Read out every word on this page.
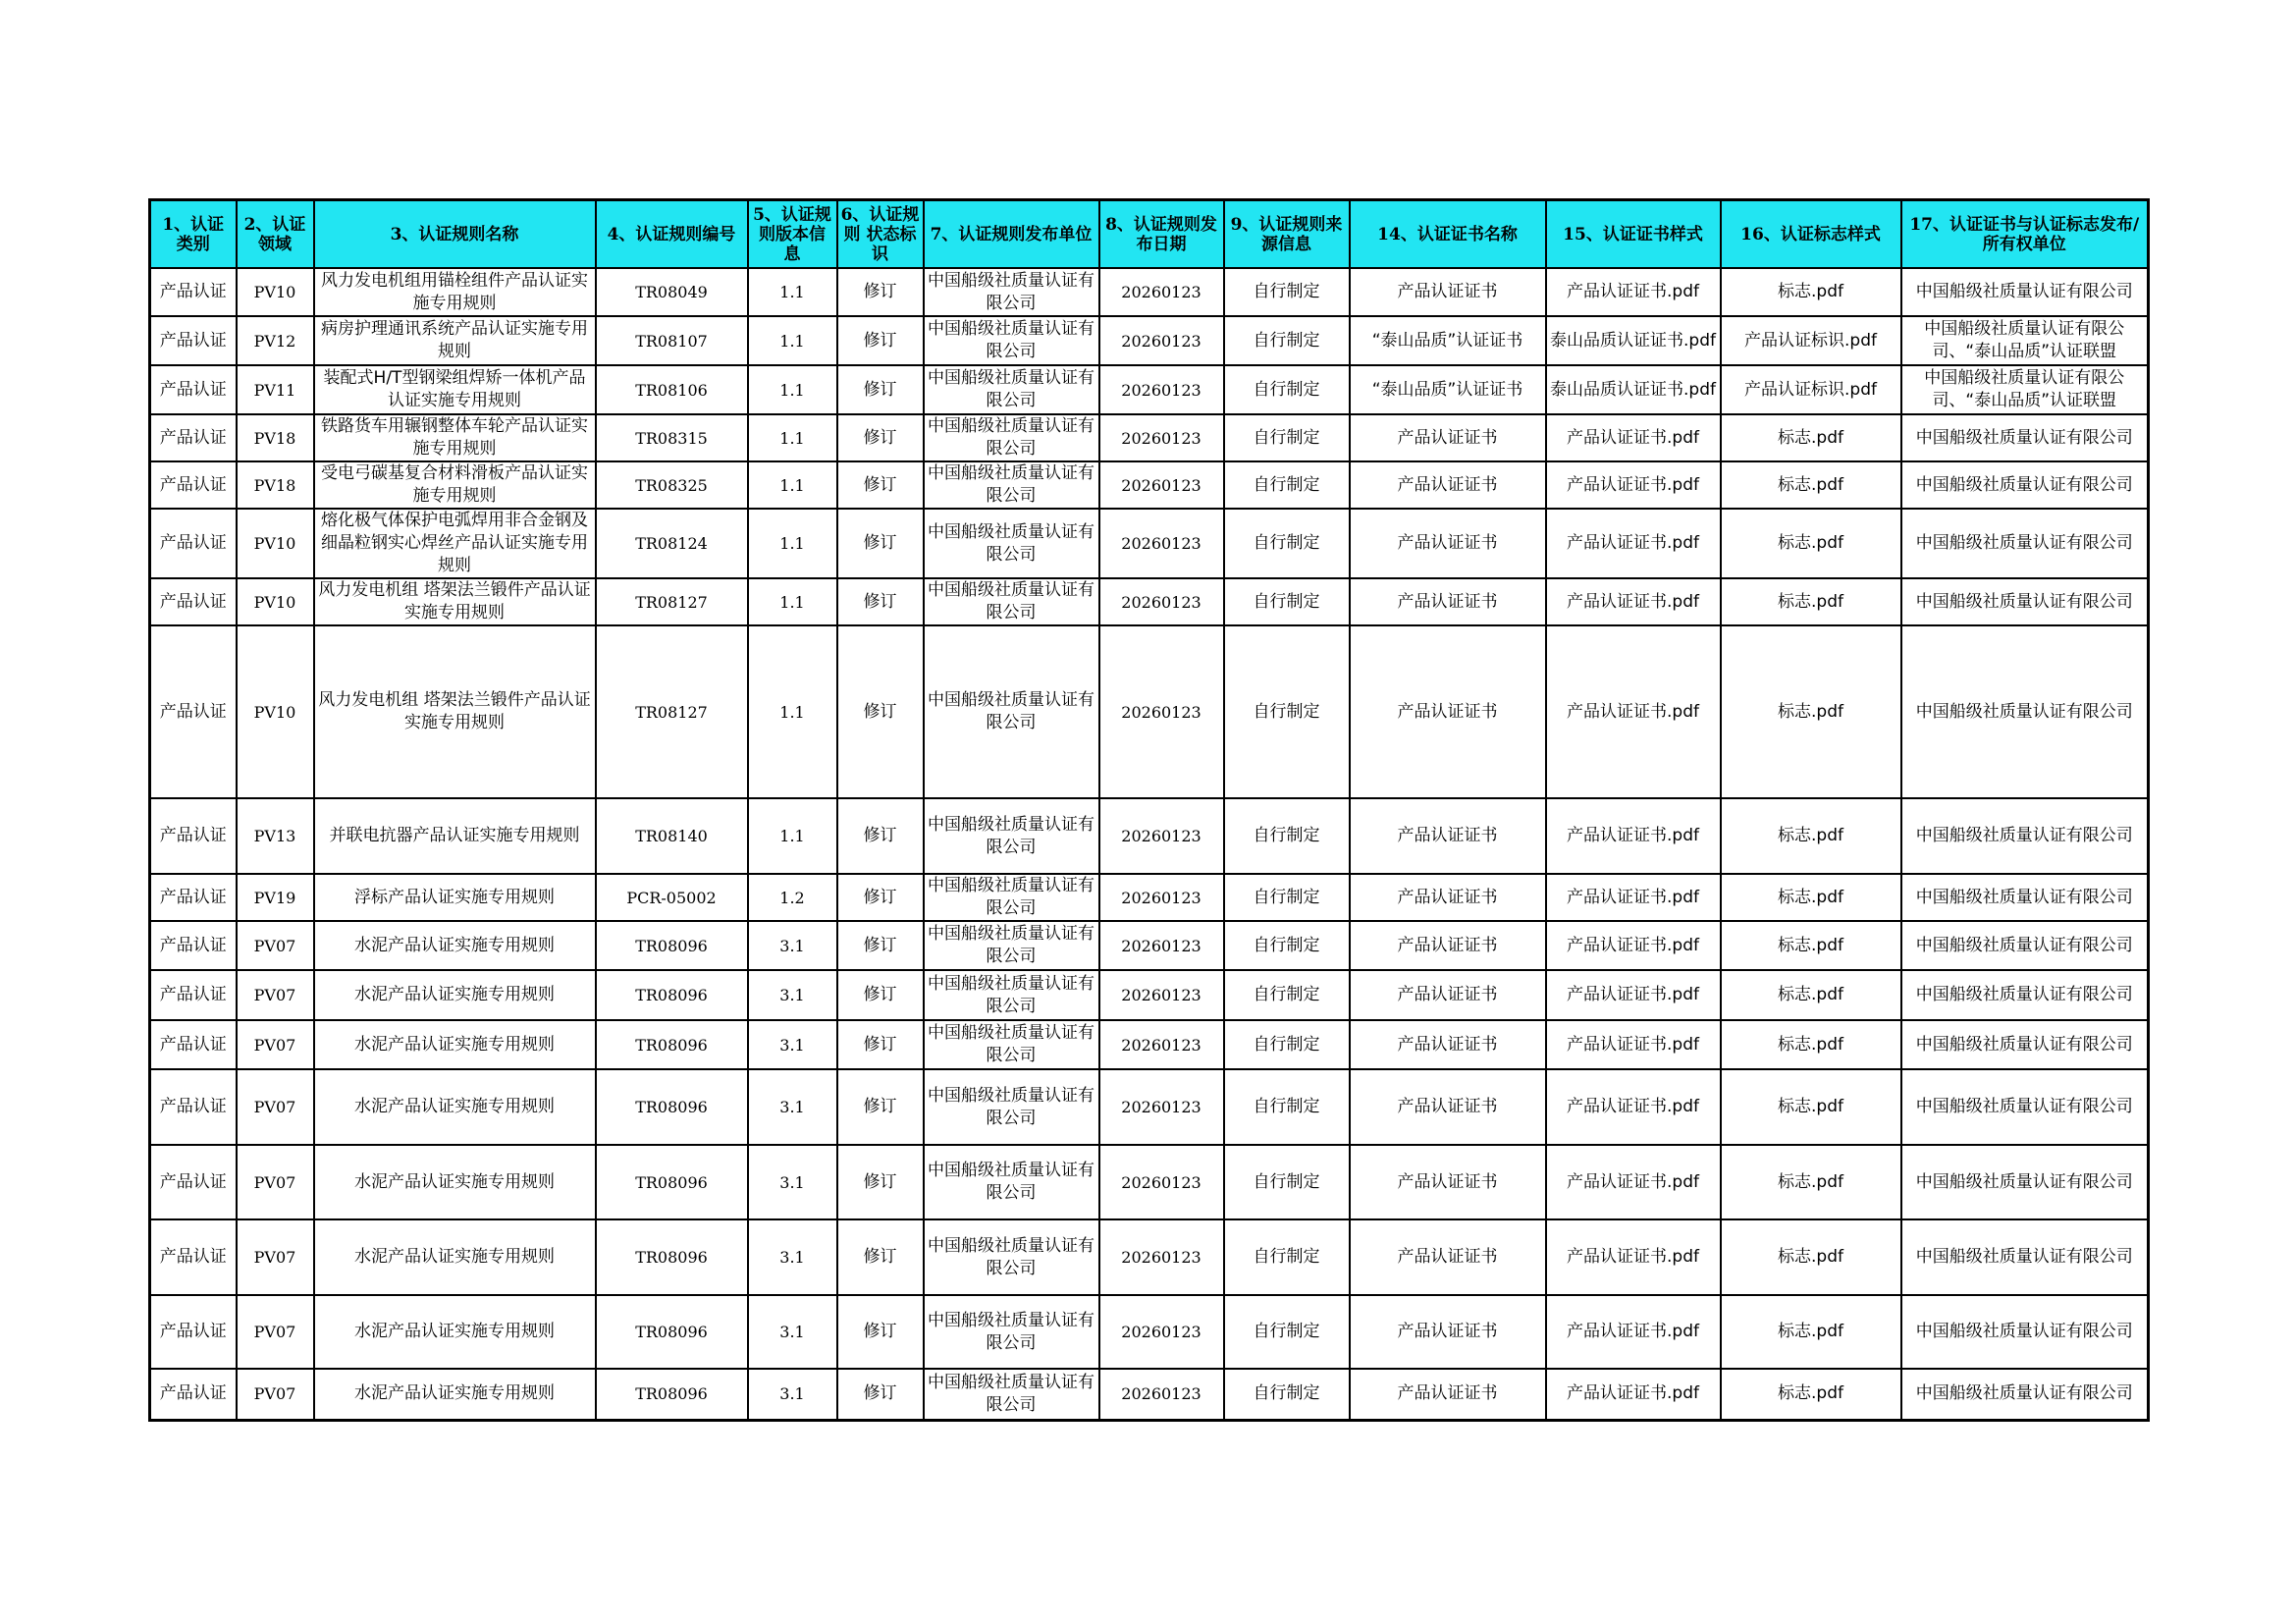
1、认证类别	2、认证领域	3、认证规则名称	4、认证规则编号	5、认证规则版本信息	6、认证规则 状态标识	7、认证规则发布单位	8、认证规则发布日期	9、认证规则来源信息	14、认证证书名称	15、认证证书样式	16、认证标志样式	17、认证证书与认证标志发布/所有权单位
产品认证	PV10	风力发电机组用锚栓组件产品认证实施专用规则	TR08049	1.1	修订	中国船级社质量认证有限公司	20260123	自行制定	产品认证证书	产品认证证书.pdf	标志.pdf	中国船级社质量认证有限公司
产品认证	PV12	病房护理通讯系统产品认证实施专用规则	TR08107	1.1	修订	中国船级社质量认证有限公司	20260123	自行制定	“泰山品质”认证证书	泰山品质认证证书.pdf	产品认证标识.pdf	中国船级社质量认证有限公司、“泰山品质”认证联盟
产品认证	PV11	装配式H/T型钢梁组焊矫一体机产品认证实施专用规则	TR08106	1.1	修订	中国船级社质量认证有限公司	20260123	自行制定	“泰山品质”认证证书	泰山品质认证证书.pdf	产品认证标识.pdf	中国船级社质量认证有限公司、“泰山品质”认证联盟
产品认证	PV18	铁路货车用辗钢整体车轮产品认证实施专用规则	TR08315	1.1	修订	中国船级社质量认证有限公司	20260123	自行制定	产品认证证书	产品认证证书.pdf	标志.pdf	中国船级社质量认证有限公司
产品认证	PV18	受电弓碳基复合材料滑板产品认证实施专用规则	TR08325	1.1	修订	中国船级社质量认证有限公司	20260123	自行制定	产品认证证书	产品认证证书.pdf	标志.pdf	中国船级社质量认证有限公司
产品认证	PV10	熔化极气体保护电弧焊用非合金钢及细晶粒钢实心焊丝产品认证实施专用规则	TR08124	1.1	修订	中国船级社质量认证有限公司	20260123	自行制定	产品认证证书	产品认证证书.pdf	标志.pdf	中国船级社质量认证有限公司
产品认证	PV10	风力发电机组 塔架法兰锻件产品认证实施专用规则	TR08127	1.1	修订	中国船级社质量认证有限公司	20260123	自行制定	产品认证证书	产品认证证书.pdf	标志.pdf	中国船级社质量认证有限公司
产品认证	PV10	风力发电机组 塔架法兰锻件产品认证实施专用规则	TR08127	1.1	修订	中国船级社质量认证有限公司	20260123	自行制定	产品认证证书	产品认证证书.pdf	标志.pdf	中国船级社质量认证有限公司
产品认证	PV13	并联电抗器产品认证实施专用规则	TR08140	1.1	修订	中国船级社质量认证有限公司	20260123	自行制定	产品认证证书	产品认证证书.pdf	标志.pdf	中国船级社质量认证有限公司
产品认证	PV19	浮标产品认证实施专用规则	PCR-05002	1.2	修订	中国船级社质量认证有限公司	20260123	自行制定	产品认证证书	产品认证证书.pdf	标志.pdf	中国船级社质量认证有限公司
产品认证	PV07	水泥产品认证实施专用规则	TR08096	3.1	修订	中国船级社质量认证有限公司	20260123	自行制定	产品认证证书	产品认证证书.pdf	标志.pdf	中国船级社质量认证有限公司
产品认证	PV07	水泥产品认证实施专用规则	TR08096	3.1	修订	中国船级社质量认证有限公司	20260123	自行制定	产品认证证书	产品认证证书.pdf	标志.pdf	中国船级社质量认证有限公司
产品认证	PV07	水泥产品认证实施专用规则	TR08096	3.1	修订	中国船级社质量认证有限公司	20260123	自行制定	产品认证证书	产品认证证书.pdf	标志.pdf	中国船级社质量认证有限公司
产品认证	PV07	水泥产品认证实施专用规则	TR08096	3.1	修订	中国船级社质量认证有限公司	20260123	自行制定	产品认证证书	产品认证证书.pdf	标志.pdf	中国船级社质量认证有限公司
产品认证	PV07	水泥产品认证实施专用规则	TR08096	3.1	修订	中国船级社质量认证有限公司	20260123	自行制定	产品认证证书	产品认证证书.pdf	标志.pdf	中国船级社质量认证有限公司
产品认证	PV07	水泥产品认证实施专用规则	TR08096	3.1	修订	中国船级社质量认证有限公司	20260123	自行制定	产品认证证书	产品认证证书.pdf	标志.pdf	中国船级社质量认证有限公司
产品认证	PV07	水泥产品认证实施专用规则	TR08096	3.1	修订	中国船级社质量认证有限公司	20260123	自行制定	产品认证证书	产品认证证书.pdf	标志.pdf	中国船级社质量认证有限公司
产品认证	PV07	水泥产品认证实施专用规则	TR08096	3.1	修订	中国船级社质量认证有限公司	20260123	自行制定	产品认证证书	产品认证证书.pdf	标志.pdf	中国船级社质量认证有限公司
